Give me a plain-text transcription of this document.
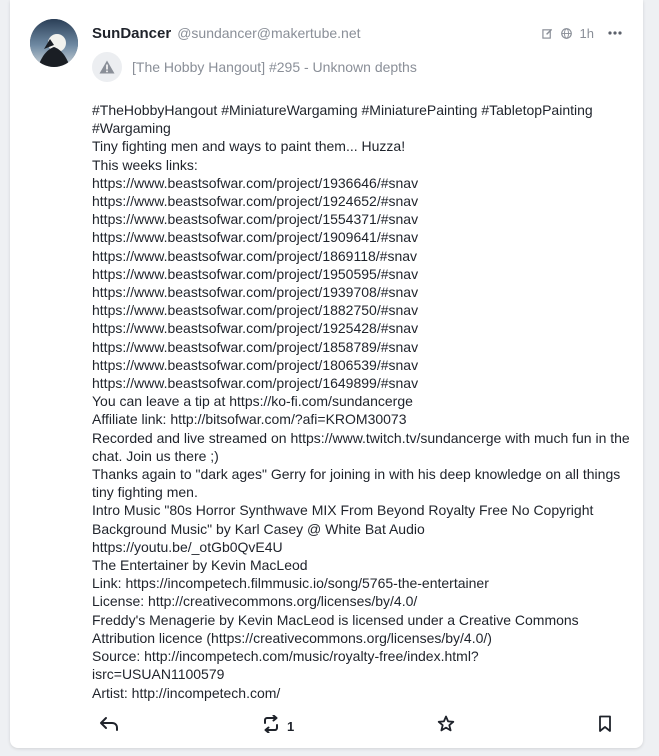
SunDancer @sundancer@makertube.net	1h
[The Hobby Hangout] #295 - Unknown depths
#TheHobbyHangout #MiniatureWargaming #MiniaturePainting #TabletopPainting #Wargaming
Tiny fighting men and ways to paint them... Huzza!
This weeks links:
https://www.beastsofwar.com/project/1936646/#snav
https://www.beastsofwar.com/project/1924652/#snav
https://www.beastsofwar.com/project/1554371/#snav
https://www.beastsofwar.com/project/1909641/#snav
https://www.beastsofwar.com/project/1869118/#snav
https://www.beastsofwar.com/project/1950595/#snav
https://www.beastsofwar.com/project/1939708/#snav
https://www.beastsofwar.com/project/1882750/#snav
https://www.beastsofwar.com/project/1925428/#snav
https://www.beastsofwar.com/project/1858789/#snav
https://www.beastsofwar.com/project/1806539/#snav
https://www.beastsofwar.com/project/1649899/#snav
You can leave a tip at https://ko-fi.com/sundancerge
Affiliate link: http://bitsofwar.com/?afi=KROM30073
Recorded and live streamed on https://www.twitch.tv/sundancerge with much fun in the chat. Join us there ;)
Thanks again to "dark ages" Gerry for joining in with his deep knowledge on all things tiny fighting men.
Intro Music "80s Horror Synthwave MIX From Beyond Royalty Free No Copyright Background Music" by Karl Casey @ White Bat Audio
https://youtu.be/_otGb0QvE4U
The Entertainer by Kevin MacLeod
Link: https://incompetech.filmmusic.io/song/5765-the-entertainer
License: http://creativecommons.org/licenses/by/4.0/
Freddy's Menagerie by Kevin MacLeod is licensed under a Creative Commons Attribution licence (https://creativecommons.org/licenses/by/4.0/)
Source: http://incompetech.com/music/royalty-free/index.html?isrc=USUAN1100579
Artist: http://incompetech.com/
1
